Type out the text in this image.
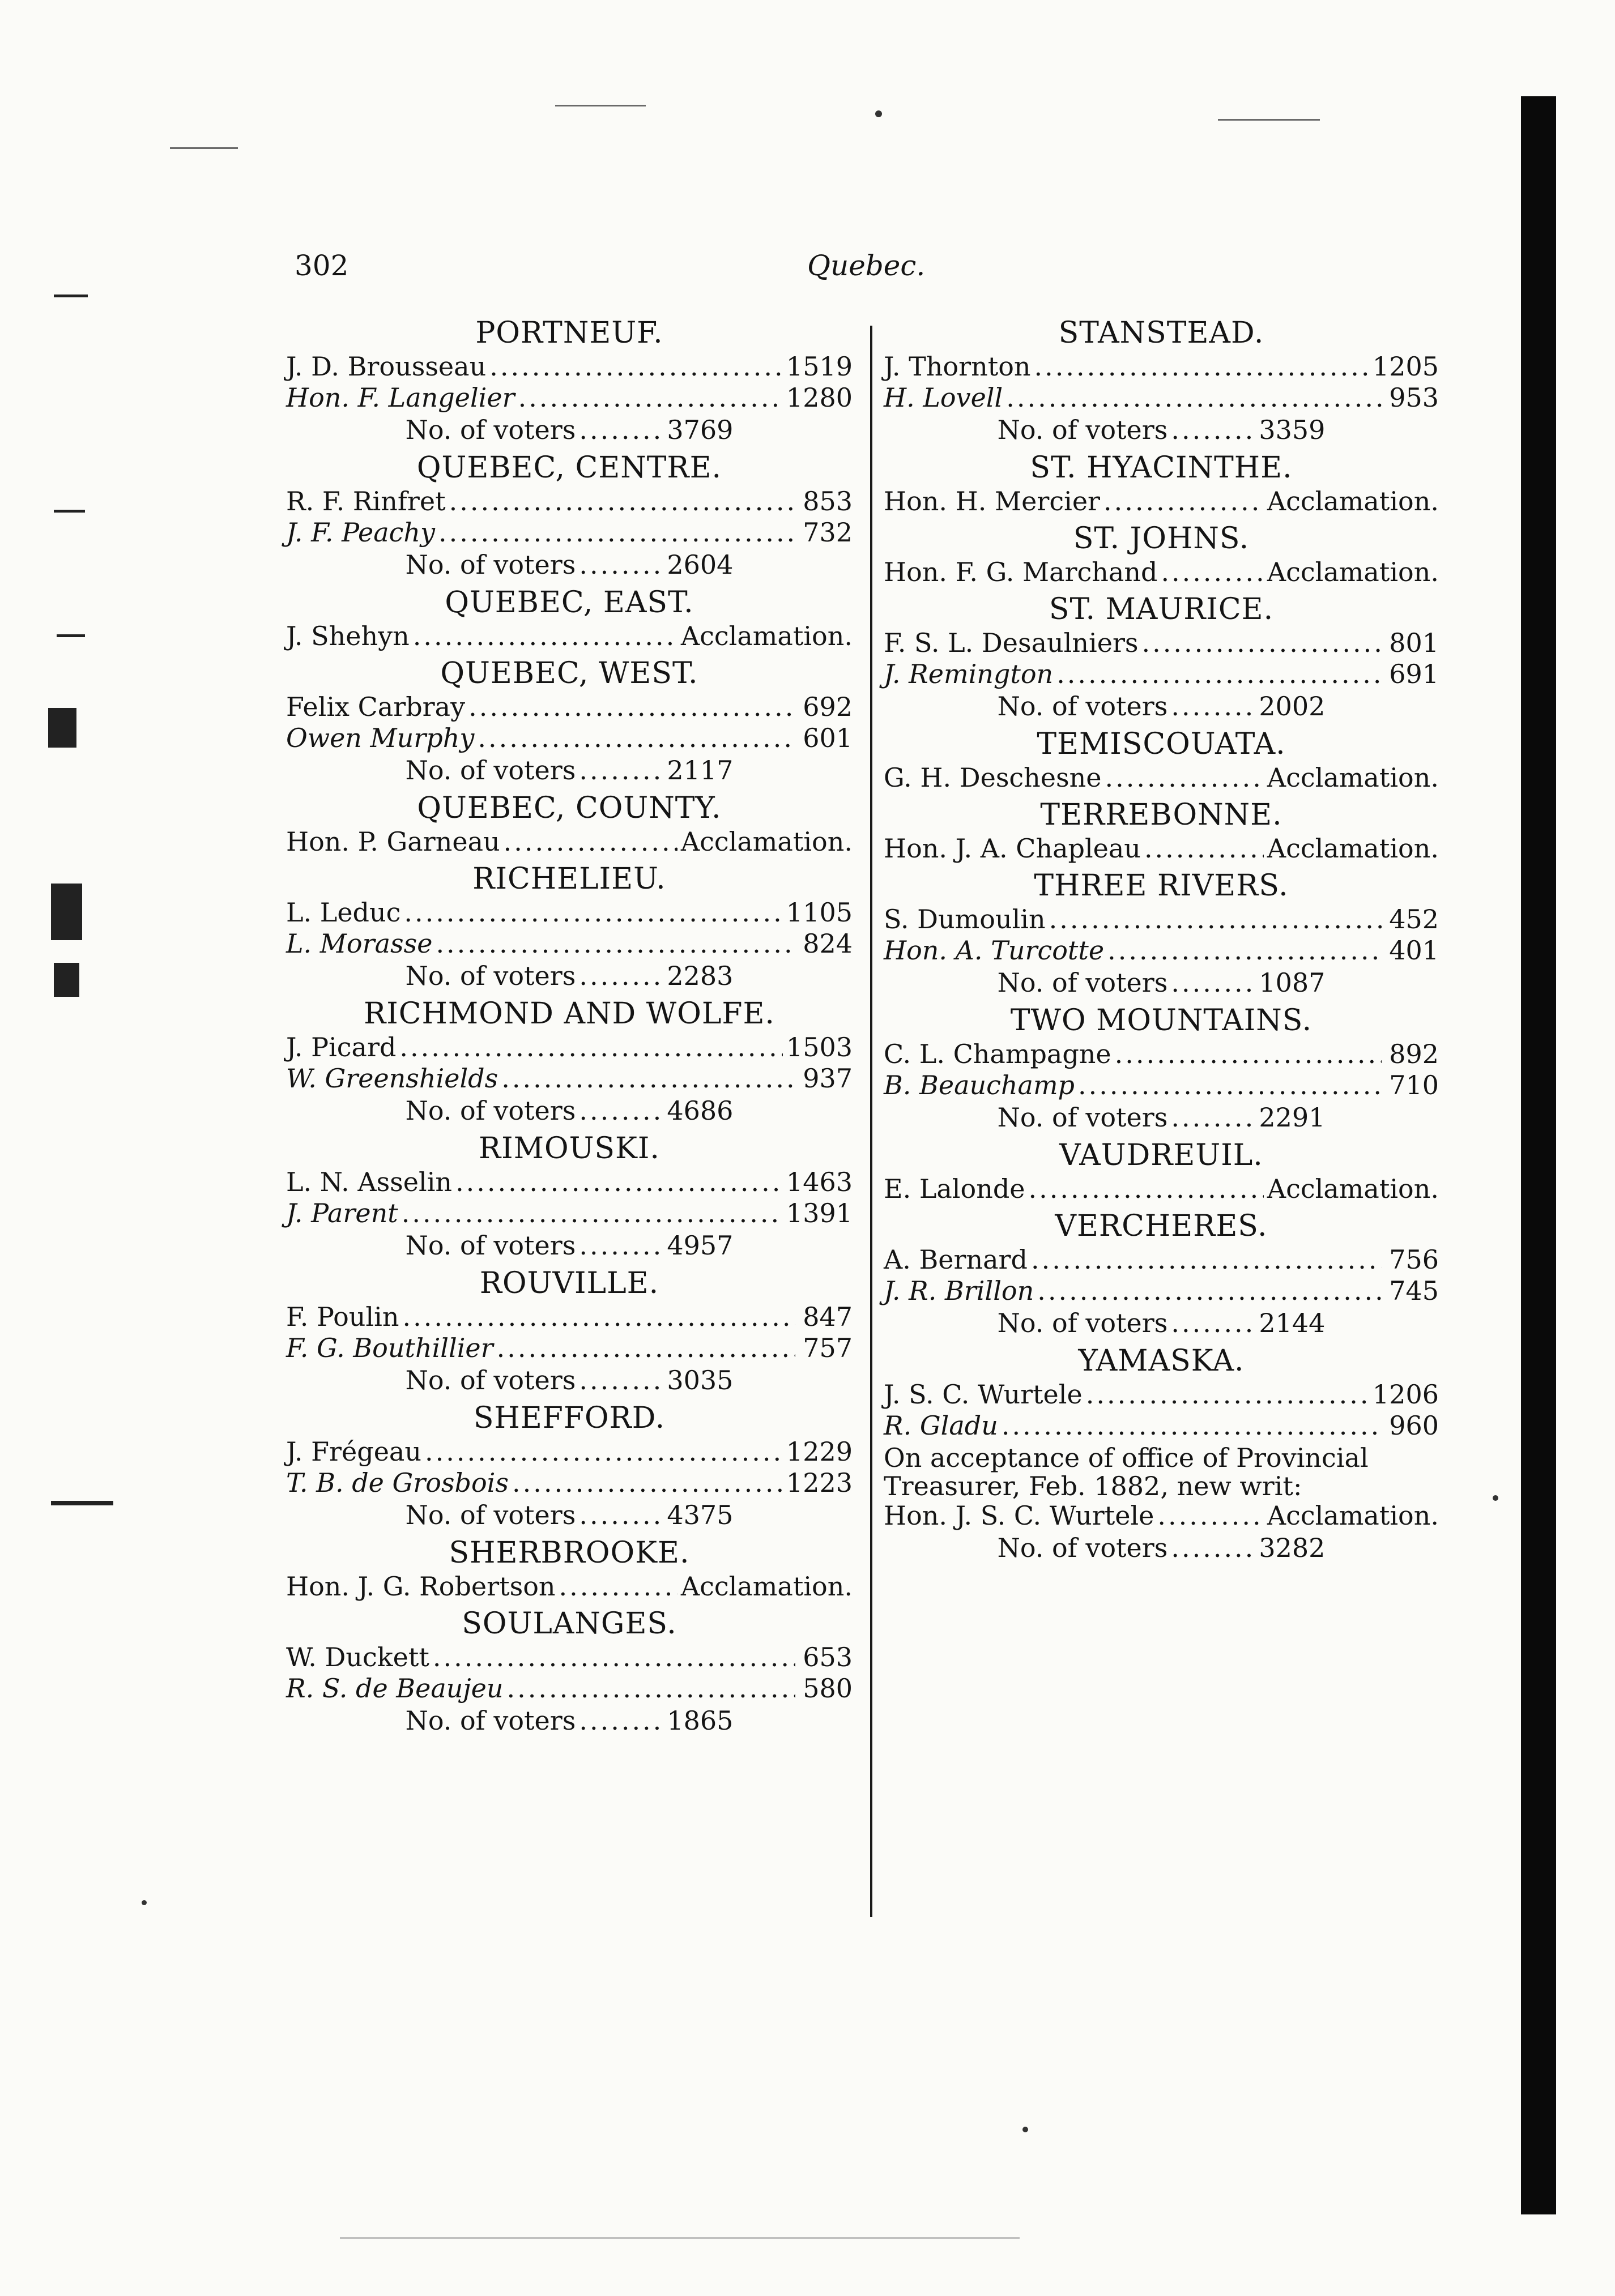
302	Quebec.
PORTNEUF.
J. D. Brousseau .....	1519
Hon. F. Langelier .....	1280
No. of voters ........ 3769
QUEBEC, CENTRE.
R. F. Rinfret .....	853
J. F. Peachy .....	732
No. of voters ........ 2604
QUEBEC, EAST.
J. Shehyn .....	Acclamation.
QUEBEC, WEST.
Felix Carbray .....	692
Owen Murphy .....	601
No. of voters ........ 2117
QUEBEC, COUNTY.
Hon. P. Garneau .....	Acclamation.
RICHELIEU.
L. Leduc .....	1105
L. Morasse .....	824
No. of voters ........ 2283
RICHMOND AND WOLFE.
J. Picard .....	1503
W. Greenshields .....	937
No. of voters ........ 4686
RIMOUSKI.
L. N. Asselin .....	1463
J. Parent .....	1391
No. of voters ........ 4957
ROUVILLE.
F. Poulin .....	847
F. G. Bouthillier .....	757
No. of voters ........ 3035
SHEFFORD.
J. Frégeau .....	1229
T. B. de Grosbois .....	1223
No. of voters ........ 4375
SHERBROOKE.
Hon. J. G. Robertson .....	Acclamation.
SOULANGES.
W. Duckett .....	653
R. S. de Beaujeu .....	580
No. of voters ........ 1865
STANSTEAD.
J. Thornton .....	1205
H. Lovell .....	953
No. of voters ........ 3359
ST. HYACINTHE.
Hon. H. Mercier .....	Acclamation.
ST. JOHNS.
Hon. F. G. Marchand .....	Acclamation.
ST. MAURICE.
F. S. L. Desaulniers .....	801
J. Remington .....	691
No. of voters ........ 2002
TEMISCOUATA.
G. H. Deschesne .....	Acclamation.
TERREBONNE.
Hon. J. A. Chapleau .....	Acclamation.
THREE RIVERS.
S. Dumoulin .....	452
Hon. A. Turcotte .....	401
No. of voters ........ 1087
TWO MOUNTAINS.
C. L. Champagne .....	892
B. Beauchamp .....	710
No. of voters ........ 2291
VAUDREUIL.
E. Lalonde .....	Acclamation.
VERCHERES.
A. Bernard .....	756
J. R. Brillon .....	745
No. of voters ........ 2144
YAMASKA.
J. S. C. Wurtele .....	1206
R. Gladu .....	960
On acceptance of office of Provincial Treasurer, Feb. 1882, new writ:
Hon. J. S. C. Wurtele .....	Acclamation.
No. of voters ........ 3282
